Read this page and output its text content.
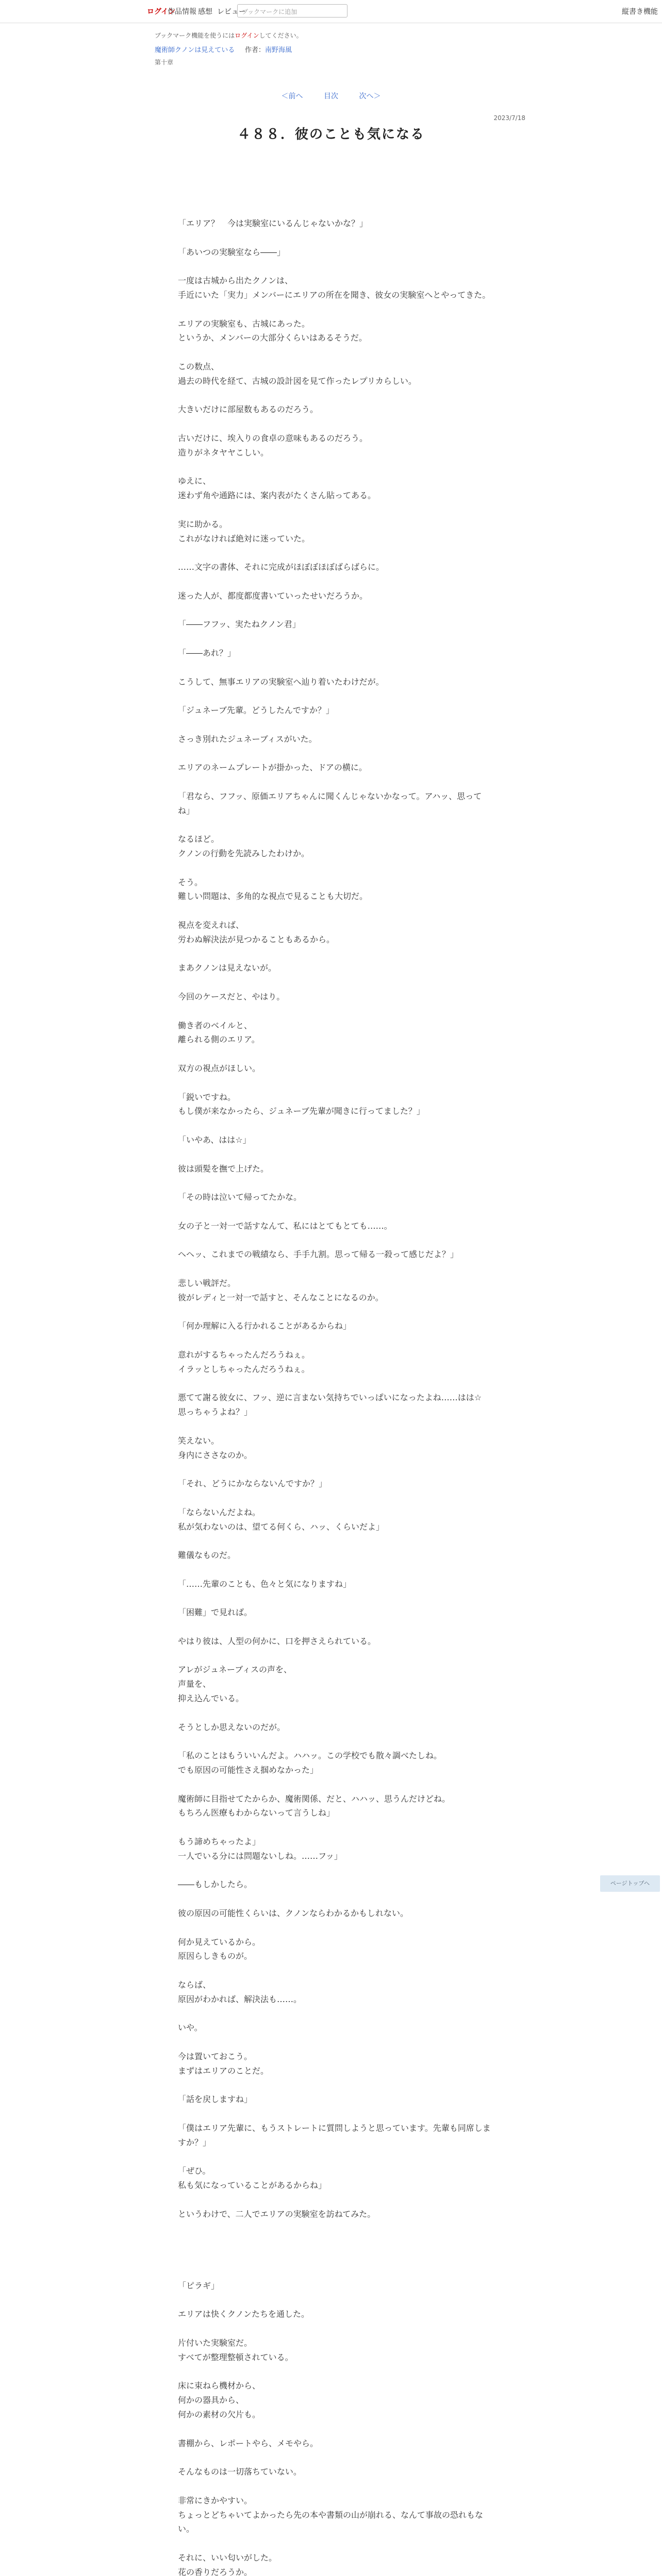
ログイン
作品情報 感想 レビュー
ブックマークに追加	縦書き機能
ブックマーク機能を使うにはログインしてください。
魔術師クノンは見えている 作者：南野海風
第十章
＜前へ	目次	次へ＞
2023/7/18
４８８．彼のことも気になる

「エリア？　今は実験室にいるんじゃないかな？」

「あいつの実験室なら――」

一度は古城から出たクノンは、
手近にいた「実力」メンバーにエリアの所在を聞き、彼女の実験室へとやってきた。

エリアの実験室も、古城にあった。
というか、メンバーの大部分くらいはあるそうだ。

この数点、
過去の時代を経て、古城の設計図を見て作ったレプリカらしい。

大きいだけに部屋数もあるのだろう。

古いだけに、埃入りの食卓の意味もあるのだろう。
造りがネタヤヤこしい。

ゆえに、
迷わず角や通路には、案内表がたくさん貼ってある。

実に助かる。
これがなければ絶対に迷っていた。

……文字の書体、それに完成がほぼぼほぼばらばらに。

迷った人が、都度都度書いていったせいだろうか。

「――フフッ、実たねクノン君」

「――あれ？」

こうして、無事エリアの実験室へ辿り着いたわけだが。

「ジュネーブ先輩。どうしたんですか？」

さっき別れたジュネーブィスがいた。

エリアのネームプレートが掛かった、ドアの横に。

「君なら、フフッ、原価エリアちゃんに聞くんじゃないかなって。アハッ、思ってね」

なるほど。
クノンの行動を先読みしたわけか。

そう。
難しい問題は、多角的な視点で見ることも大切だ。

視点を変えれば、
労わぬ解決法が見つかることもあるから。

まあクノンは見えないが。

今回のケースだと、やはり。

働き者のベイルと、
離られる側のエリア。

双方の視点がほしい。

「鋭いですね。
もし僕が来なかったら、ジュネーブ先輩が聞きに行ってました？」

「いやあ、はは☆」

彼は頭髪を撫で上げた。

「その時は泣いて帰ってたかな。

女の子と一対一で話すなんて、私にはとてもとても……。

ヘヘッ、これまでの戦績なら、手手九割。思って帰る一殺って感じだよ？」

悲しい戦評だ。
彼がレディと一対一で話すと、そんなことになるのか。

「何か理解に入る行かれることがあるからね」

意れがするちゃったんだろうねぇ。
イラッとしちゃったんだろうねぇ。

悪てて謝る彼女に、フッ、逆に言まない気持ちでいっぱいになったよね……はは☆　思っちゃうよね？」

笑えない。
身内にささなのか。

「それ、どうにかならないんですか？」

「ならないんだよね。
私が気わないのは、望てる何くら、ハッ、くらいだよ」

難儀なものだ。

「……先輩のことも、色々と気になりますね」

「困難」で見れば。

やはり彼は、人型の何かに、口を押さえられている。

アレがジュネーブィスの声を、
声量を、
抑え込んでいる。

そうとしか思えないのだが。

「私のことはもういいんだよ。ハハッ。この学校でも散々調べたしね。
でも原因の可能性さえ掴めなかった」

魔術師に目指せてたからか、魔術関係、だと、ハハッ、思うんだけどね。
もちろん医療もわからないって言うしね」

もう諦めちゃったよ」
一人でいる分には問題ないしね。……フッ」

――もしかしたら。

彼の原因の可能性くらいは、クノンならわかるかもしれない。

何か見えているから。
原因らしきものが。

ならば、
原因がわかれば、解決法も……。

いや。

今は置いておこう。
まずはエリアのことだ。

「話を戻しますね」

「僕はエリア先輩に、もうストレートに質問しようと思っています。先輩も同席しますか？」

「ぜひ。
私も気になっていることがあるからね」

というわけで、二人でエリアの実験室を訪ねてみた。

「ピラギ」

エリアは快くクノンたちを通した。

片付いた実験室だ。
すべてが整理整頓されている。

床に束ねら機材から、
何かの器具から、
何かの素材の欠片も。

書棚から、レポートやら、メモやら。

そんなものは一切落ちていない。

非常にきかやすい。
ちょっとどちゃいてよかったら先の本や書類の山が崩れる、なんて事故の恐れもない。

それに、いい匂いがした。
花の香りだろうか。

ページトップへ
